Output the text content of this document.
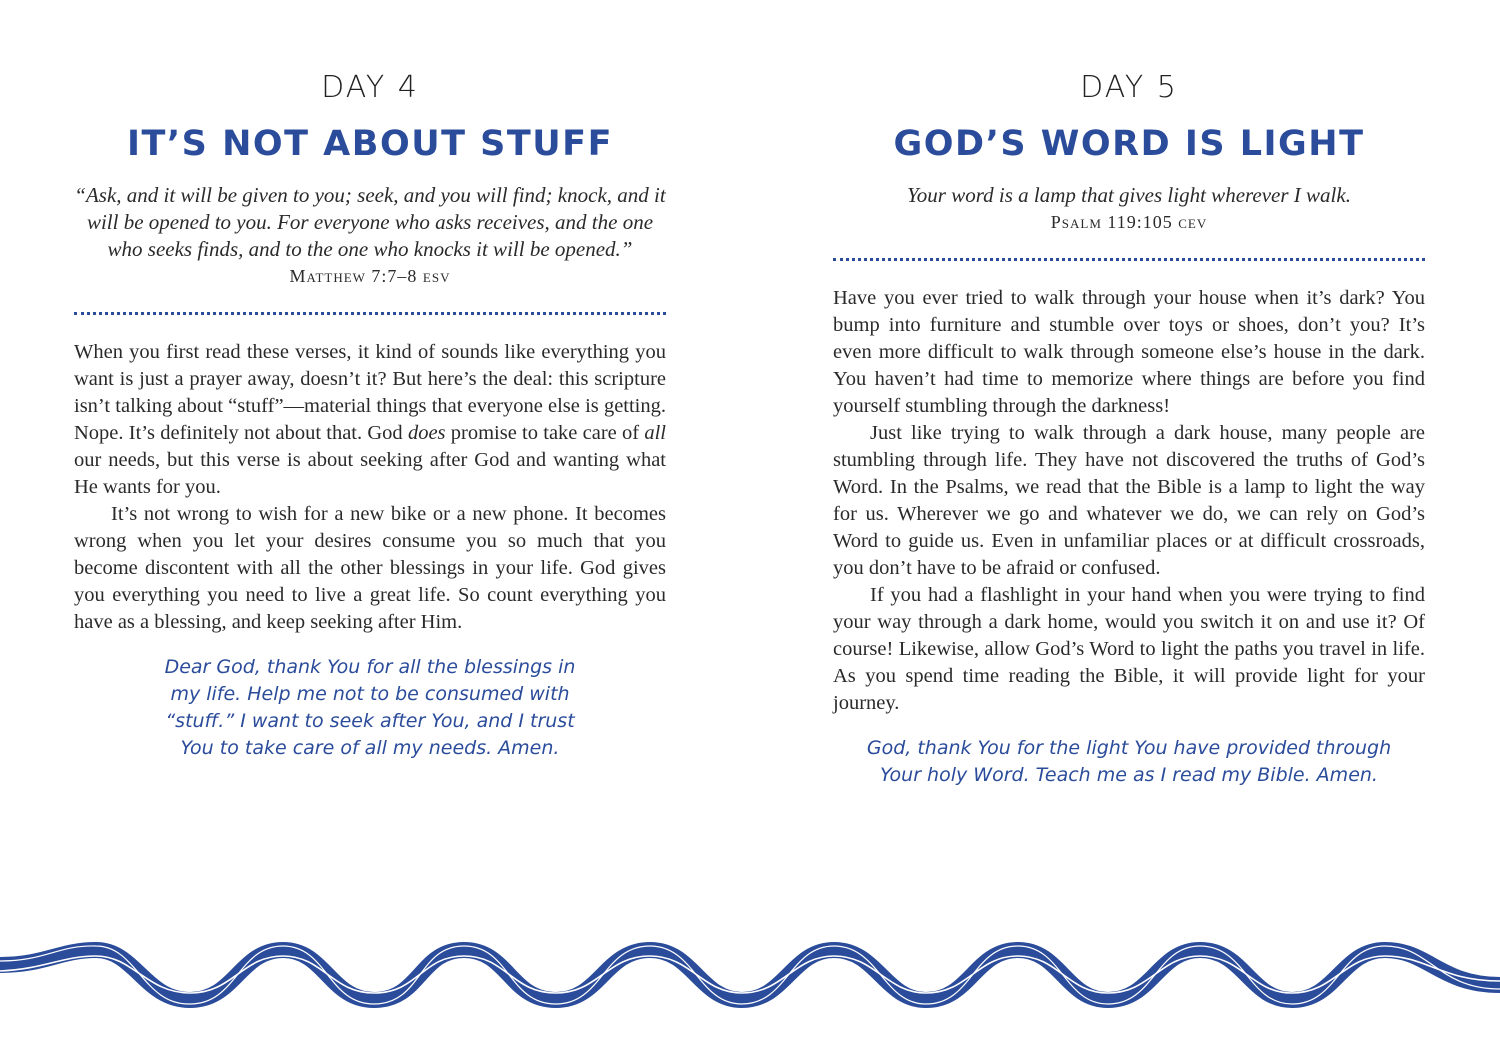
DAY 4
IT’S NOT ABOUT STUFF

“Ask, and it will be given to you; seek, and you will find; knock, and it will be opened to you. For everyone who asks receives, and the one who seeks finds, and to the one who knocks it will be opened.”

Matthew 7:7–8 esv

When you first read these verses, it kind of sounds like everything you want is just a prayer away, doesn’t it? But here’s the deal: this scripture isn’t talking about “stuff”—material things that everyone else is getting. Nope. It’s definitely not about that. God does promise to take care of all our needs, but this verse is about seeking after God and wanting what He wants for you.

It’s not wrong to wish for a new bike or a new phone. It becomes wrong when you let your desires consume you so much that you become discontent with all the other blessings in your life. God gives you everything you need to live a great life. So count everything you have as a blessing, and keep seeking after Him.

Dear God, thank You for all the blessings in my life. Help me not to be consumed with “stuff.” I want to seek after You, and I trust You to take care of all my needs. Amen.

DAY 5
GOD’S WORD IS LIGHT

Your word is a lamp that gives light wherever I walk.

Psalm 119:105 cev

Have you ever tried to walk through your house when it’s dark? You bump into furniture and stumble over toys or shoes, don’t you? It’s even more difficult to walk through someone else’s house in the dark. You haven’t had time to memorize where things are before you find yourself stumbling through the darkness!

Just like trying to walk through a dark house, many people are stumbling through life. They have not discovered the truths of God’s Word. In the Psalms, we read that the Bible is a lamp to light the way for us. Wherever we go and whatever we do, we can rely on God’s Word to guide us. Even in unfamiliar places or at difficult crossroads, you don’t have to be afraid or confused.

If you had a flashlight in your hand when you were trying to find your way through a dark home, would you switch it on and use it? Of course! Likewise, allow God’s Word to light the paths you travel in life. As you spend time reading the Bible, it will provide light for your journey.

God, thank You for the light You have provided through Your holy Word. Teach me as I read my Bible. Amen.
